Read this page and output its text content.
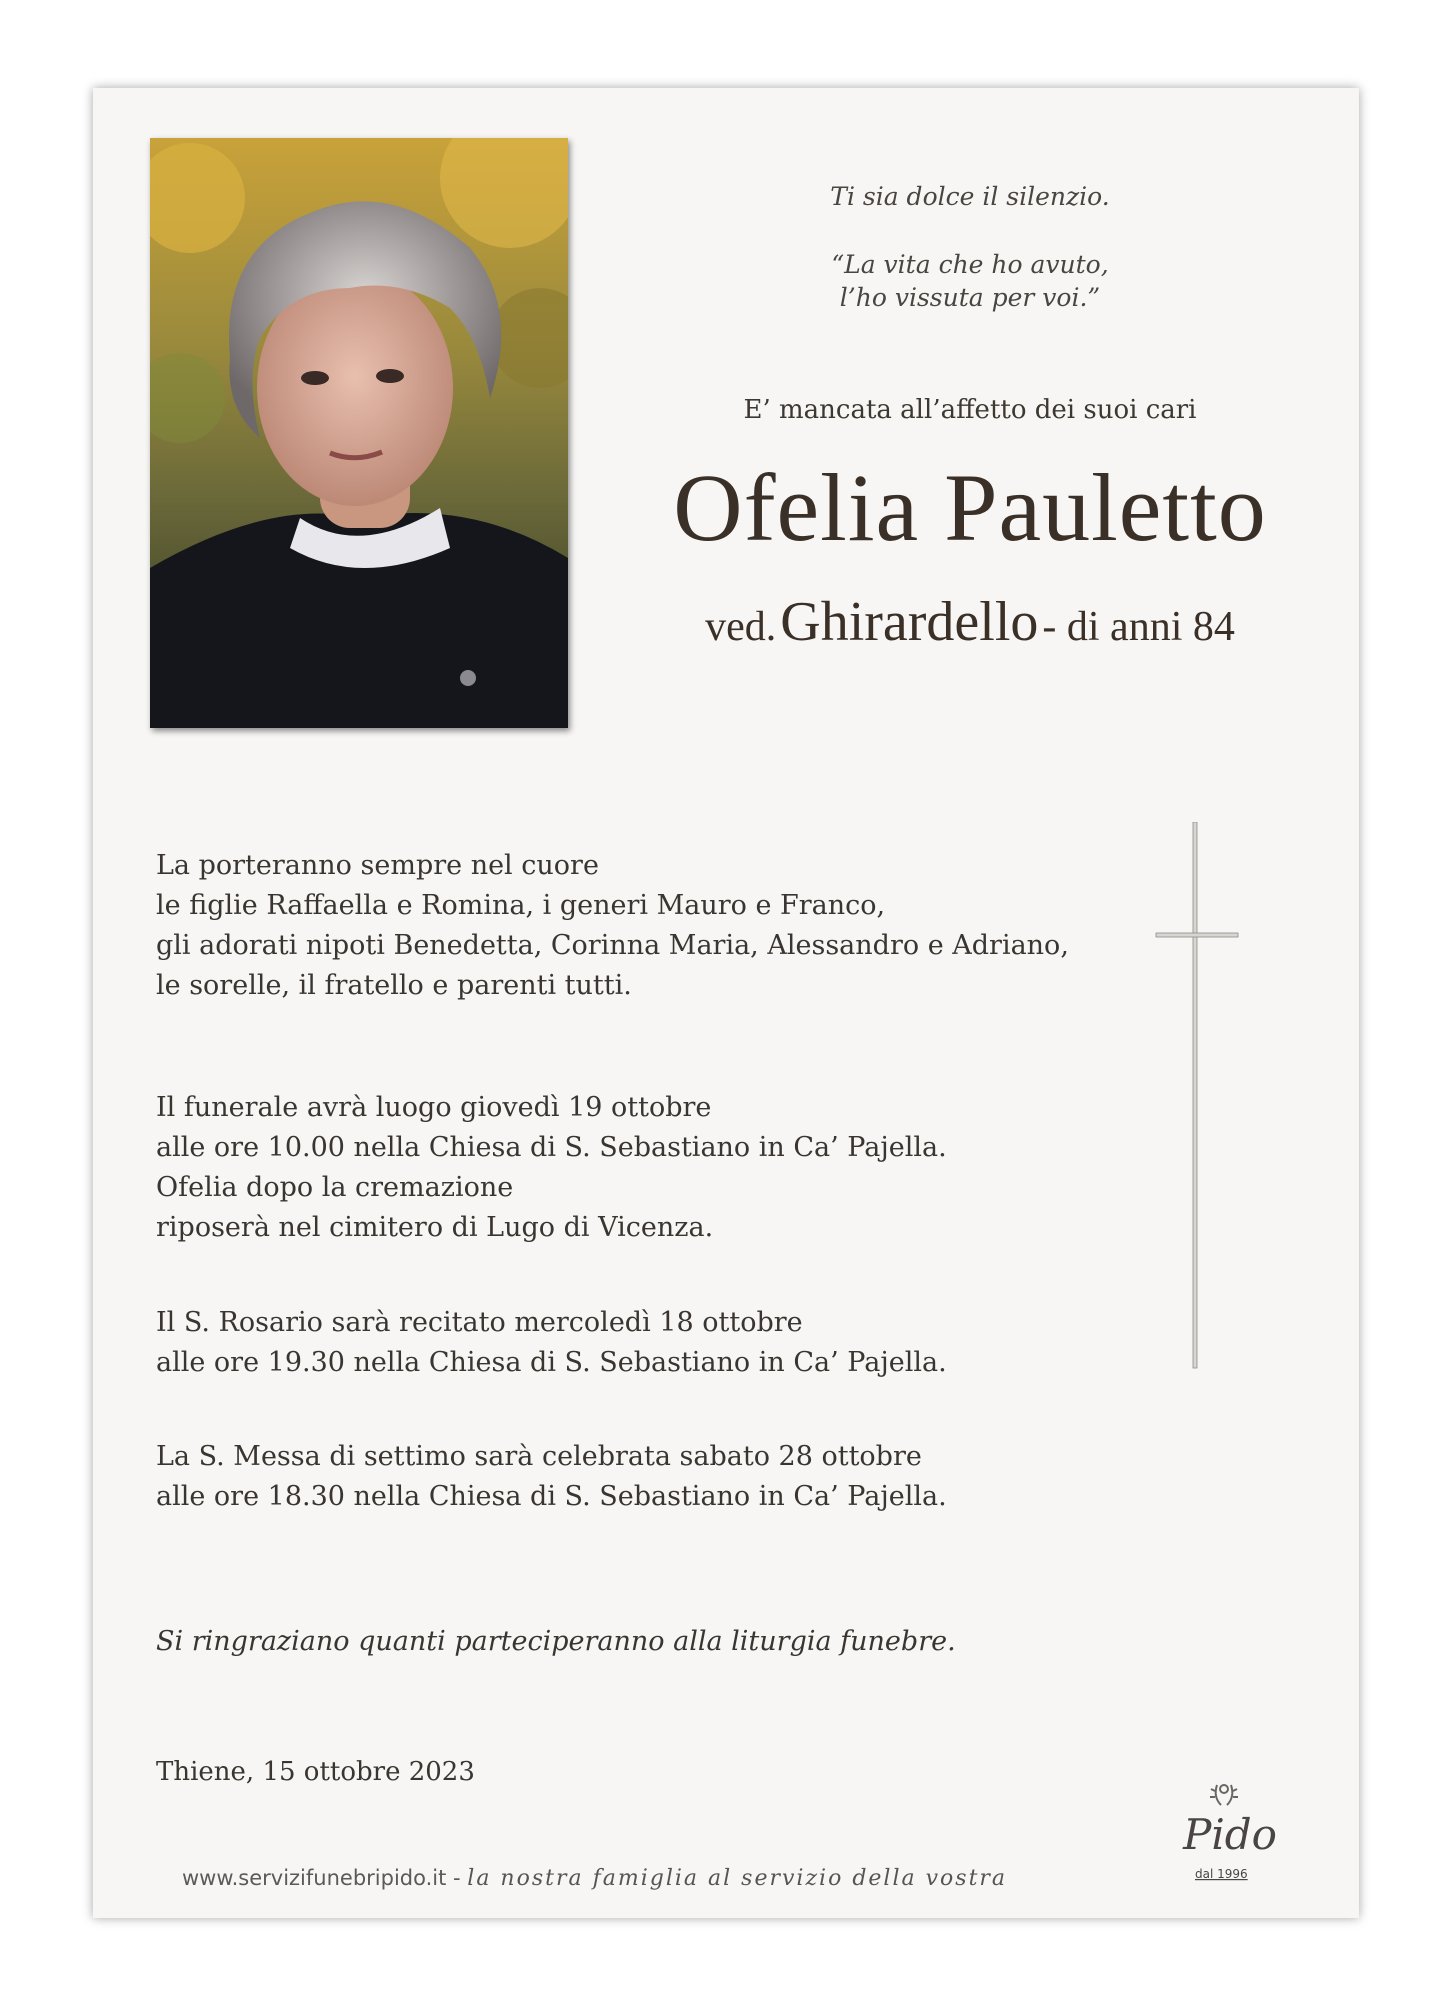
Ti sia dolce il silenzio.
“La vita che ho avuto,
l’ho vissuta per voi.”
E’ mancata all’affetto dei suoi cari
Ofelia Pauletto
ved. Ghirardello - di anni 84
La porteranno sempre nel cuore
le figlie Raffaella e Romina, i generi Mauro e Franco,
gli adorati nipoti Benedetta, Corinna Maria, Alessandro e Adriano,
le sorelle, il fratello e parenti tutti.
Il funerale avrà luogo giovedì 19 ottobre
alle ore 10.00 nella Chiesa di S. Sebastiano in Ca’ Pajella.
Ofelia dopo la cremazione
riposerà nel cimitero di Lugo di Vicenza.
Il S. Rosario sarà recitato mercoledì 18 ottobre
alle ore 19.30 nella Chiesa di S. Sebastiano in Ca’ Pajella.
La S. Messa di settimo sarà celebrata sabato 28 ottobre
alle ore 18.30 nella Chiesa di S. Sebastiano in Ca’ Pajella.
Si ringraziano quanti parteciperanno alla liturgia funebre.
Thiene, 15 ottobre 2023
www.servizifunebripido.it - la nostra famiglia al servizio della vostra
Pido
dal 1996
